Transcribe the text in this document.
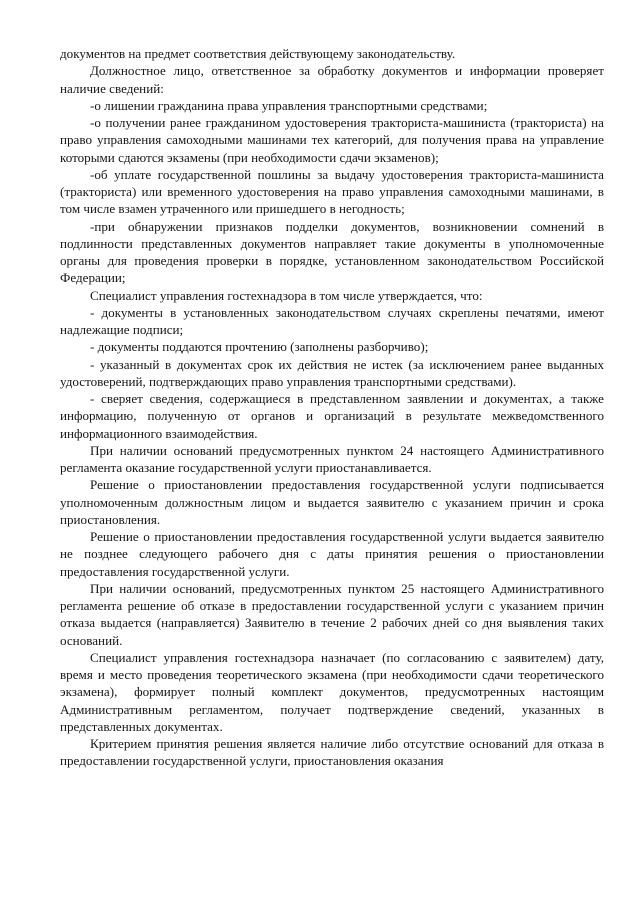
документов на предмет соответствия действующему законодательству.

Должностное лицо, ответственное за обработку документов и информации проверяет наличие сведений:

-о лишении гражданина права управления транспортными средствами;

-о получении ранее гражданином удостоверения тракториста-машиниста (тракториста) на право управления самоходными машинами тех категорий, для получения права на управление которыми сдаются экзамены (при необходимости сдачи экзаменов);

-об уплате государственной пошлины за выдачу удостоверения тракториста-машиниста (тракториста) или временного удостоверения на право управления самоходными машинами, в том числе взамен утраченного или пришедшего в негодность;

-при обнаружении признаков подделки документов, возникновении сомнений в подлинности представленных документов направляет такие документы в уполномоченные органы для проведения проверки в порядке, установленном законодательством Российской Федерации;

Специалист управления гостехнадзора в том числе утверждается, что:

- документы в установленных законодательством случаях скреплены печатями, имеют надлежащие подписи;

- документы поддаются прочтению (заполнены разборчиво);

- указанный в документах срок их действия не истек (за исключением ранее выданных удостоверений, подтверждающих право управления транспортными средствами).

- сверяет сведения, содержащиеся в представленном заявлении и документах, а также информацию, полученную от органов и организаций в результате межведомственного информационного взаимодействия.

При наличии оснований предусмотренных пунктом 24 настоящего Административного регламента оказание государственной услуги приостанавливается.

Решение о приостановлении предоставления государственной услуги подписывается уполномоченным должностным лицом и выдается заявителю с указанием причин и срока приостановления.

Решение о приостановлении предоставления государственной услуги выдается заявителю не позднее следующего рабочего дня с даты принятия решения о приостановлении предоставления государственной услуги.

При наличии оснований, предусмотренных пунктом 25 настоящего Административного регламента решение об отказе в предоставлении государственной услуги с указанием причин отказа выдается (направляется) Заявителю в течение 2 рабочих дней со дня выявления таких оснований.

Специалист управления гостехнадзора назначает (по согласованию с заявителем) дату, время и место проведения теоретического экзамена (при необходимости сдачи теоретического экзамена), формирует полный комплект документов, предусмотренных настоящим Административным регламентом, получает подтверждение сведений, указанных в представленных документах.

Критерием принятия решения является наличие либо отсутствие оснований для отказа в предоставлении государственной услуги, приостановления оказания
